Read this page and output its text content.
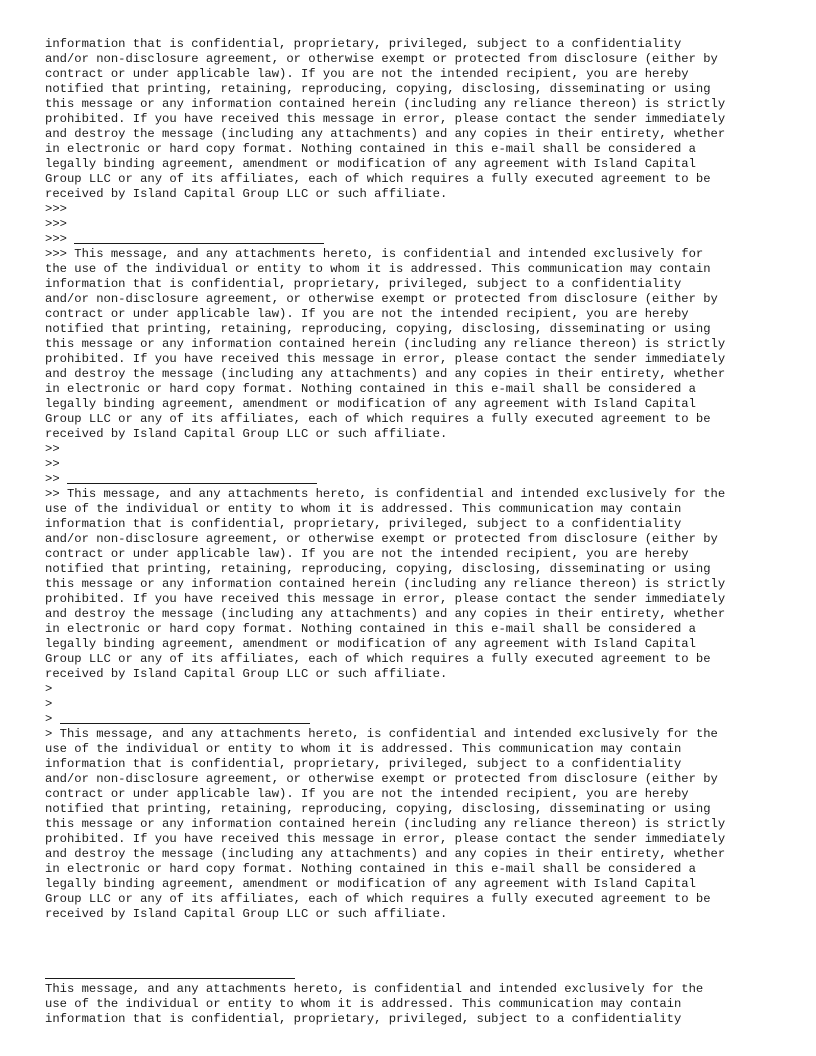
information that is confidential, proprietary, privileged, subject to a confidentiality
and/or non-disclosure agreement, or otherwise exempt or protected from disclosure (either by
contract or under applicable law). If you are not the intended recipient, you are hereby
notified that printing, retaining, reproducing, copying, disclosing, disseminating or using
this message or any information contained herein (including any reliance thereon) is strictly
prohibited. If you have received this message in error, please contact the sender immediately
and destroy the message (including any attachments) and any copies in their entirety, whether
in electronic or hard copy format. Nothing contained in this e-mail shall be considered a
legally binding agreement, amendment or modification of any agreement with Island Capital
Group LLC or any of its affiliates, each of which requires a fully executed agreement to be
received by Island Capital Group LLC or such affiliate.
>>>
>>>
>>>
>>> This message, and any attachments hereto, is confidential and intended exclusively for
the use of the individual or entity to whom it is addressed. This communication may contain
information that is confidential, proprietary, privileged, subject to a confidentiality
and/or non-disclosure agreement, or otherwise exempt or protected from disclosure (either by
contract or under applicable law). If you are not the intended recipient, you are hereby
notified that printing, retaining, reproducing, copying, disclosing, disseminating or using
this message or any information contained herein (including any reliance thereon) is strictly
prohibited. If you have received this message in error, please contact the sender immediately
and destroy the message (including any attachments) and any copies in their entirety, whether
in electronic or hard copy format. Nothing contained in this e-mail shall be considered a
legally binding agreement, amendment or modification of any agreement with Island Capital
Group LLC or any of its affiliates, each of which requires a fully executed agreement to be
received by Island Capital Group LLC or such affiliate.
>>
>>
>>
>> This message, and any attachments hereto, is confidential and intended exclusively for the
use of the individual or entity to whom it is addressed. This communication may contain
information that is confidential, proprietary, privileged, subject to a confidentiality
and/or non-disclosure agreement, or otherwise exempt or protected from disclosure (either by
contract or under applicable law). If you are not the intended recipient, you are hereby
notified that printing, retaining, reproducing, copying, disclosing, disseminating or using
this message or any information contained herein (including any reliance thereon) is strictly
prohibited. If you have received this message in error, please contact the sender immediately
and destroy the message (including any attachments) and any copies in their entirety, whether
in electronic or hard copy format. Nothing contained in this e-mail shall be considered a
legally binding agreement, amendment or modification of any agreement with Island Capital
Group LLC or any of its affiliates, each of which requires a fully executed agreement to be
received by Island Capital Group LLC or such affiliate.
>
>
>
> This message, and any attachments hereto, is confidential and intended exclusively for the
use of the individual or entity to whom it is addressed. This communication may contain
information that is confidential, proprietary, privileged, subject to a confidentiality
and/or non-disclosure agreement, or otherwise exempt or protected from disclosure (either by
contract or under applicable law). If you are not the intended recipient, you are hereby
notified that printing, retaining, reproducing, copying, disclosing, disseminating or using
this message or any information contained herein (including any reliance thereon) is strictly
prohibited. If you have received this message in error, please contact the sender immediately
and destroy the message (including any attachments) and any copies in their entirety, whether
in electronic or hard copy format. Nothing contained in this e-mail shall be considered a
legally binding agreement, amendment or modification of any agreement with Island Capital
Group LLC or any of its affiliates, each of which requires a fully executed agreement to be
received by Island Capital Group LLC or such affiliate.
This message, and any attachments hereto, is confidential and intended exclusively for the
use of the individual or entity to whom it is addressed. This communication may contain
information that is confidential, proprietary, privileged, subject to a confidentiality
